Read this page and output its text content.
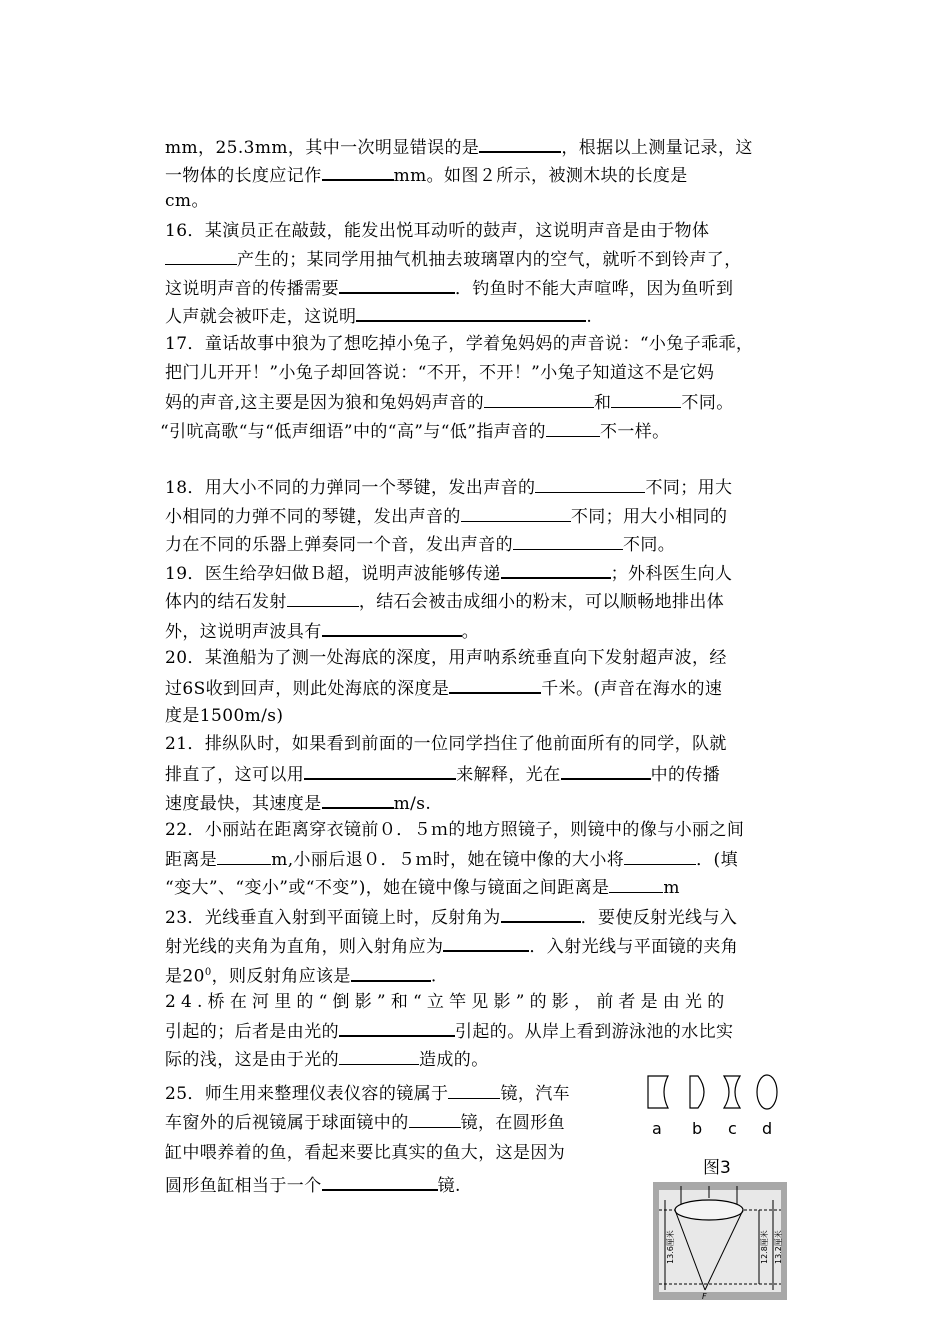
mm，25.3mm，其中一次明显错误的是	，根据以上测量记录，这
一物体的长度应记作	mm。如图２所示，被测木块的长度是
cm。
16．某演员正在敲鼓，能发出悦耳动听的鼓声，这说明声音是由于物体
产生的；某同学用抽气机抽去玻璃罩内的空气，就听不到铃声了，
这说明声音的传播需要	．钓鱼时不能大声喧哗，因为鱼听到
人声就会被吓走，这说明	.
17．童话故事中狼为了想吃掉小兔子，学着兔妈妈的声音说：“小兔子乖乖，
把门儿开开！”小兔子却回答说：“不开，不开！”小兔子知道这不是它妈
妈的声音,这主要是因为狼和兔妈妈声音的	和	不同。
“引吭高歌“与“低声细语”中的“高”与“低”指声音的	不一样。
18．用大小不同的力弹同一个琴键，发出声音的	不同；用大
小相同的力弹不同的琴键，发出声音的	不同；用大小相同的
力在不同的乐器上弹奏同一个音，发出声音的	不同。
19．医生给孕妇做Ｂ超，说明声波能够传递	；外科医生向人
体内的结石发射	，结石会被击成细小的粉末，可以顺畅地排出体
外，这说明声波具有	。
20．某渔船为了测一处海底的深度，用声呐系统垂直向下发射超声波，经
过6S收到回声，则此处海底的深度是	千米。(声音在海水的速
度是1500m/s)
21．排纵队时，如果看到前面的一位同学挡住了他前面所有的同学，队就
排直了，这可以用	来解释，光在	中的传播
速度最快，其速度是	m/s.
22．小丽站在距离穿衣镜前０．５ｍ的地方照镜子，则镜中的像与小丽之间
距离是	m,小丽后退０．５ｍ时，她在镜中像的大小将	．(填
“变大”、“变小”或“不变”)，她在镜中像与镜面之间距离是	m
23．光线垂直入射到平面镜上时，反射角为	．要使反射光线与入
射光线的夹角为直角，则入射角应为	．入射光线与平面镜的夹角
是$20^0$，则反射角应该是	.
24.桥在河里的“倒影”和“立竿见影”的影，前者是由光的
引起的；后者是由光的	引起的。从岸上看到游泳池的水比实
际的浅，这是由于光的	造成的。
25．师生用来整理仪表仪容的镜属于	镜，汽车
车窗外的后视镜属于球面镜中的	镜，在圆形鱼
缸中喂养着的鱼，看起来要比真实的鱼大，这是因为
圆形鱼缸相当于一个	镜.
a b c d
图3
13.6厘米	12.8厘米 13.2厘米
F
